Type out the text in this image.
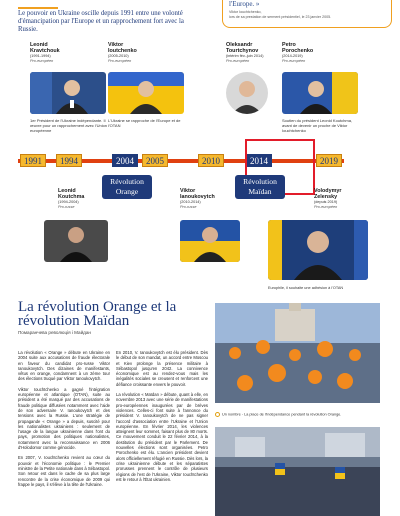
l'Europe. »
Viktor Iouchtchenko,
lors de sa prestation de serment présidentiel, le 23 janvier 2005.
Le pouvoir en Ukraine oscille depuis 1991 entre une volonté d'émancipation par l'Europe et un rapprochement fort avec la Russie.
Leonid
Kravtchouk
(1991-1994)
Pro-européen
1er Président de l'Ukraine indépendante. Il œuvre pour un rapprochement avec l'Union européenne
Viktor
Ioutchenko
(2005-2010)
Pro-européen
L'Ukraine se rapproche de l'Europe et de l'OTAN
Oleksandr
Tourtchynov
(intérim fév.-juin 2014)
Pro-européen
Petro
Porochenko
(2014-2019)
Pro-européen
Soutien du président Leonid Koutchma, avant de devenir un proche de Viktor Iouchtchenko
1991	1994	2004	2005	2010	2014	2019
Révolution
Orange
Révolution
Maïdan
Leonid
Koutchma
(1994-2004)
Pro-russe
Viktor
Ianoukovytch
(2010-2014)
Pro-russe
Volodymyr
Zelensky
(depuis 2019)
Pro-européen
Europhile, il souhaite une adhésion à l'OTAN
La révolution Orange et la révolution Maïdan
Помаранчева революція і Майдан

La révolution « Orange » débute en Ukraine en 2004 suite aux accusations de fraude électorale en faveur du candidat pro-russe Viktor Ianoukovytch. Des dizaines de manifestants, vêtus en orange, condamnent à un 2ème tour des élections truqué par Viktor Ianoukovytch.

Viktor Iouchtchenko a gagné l'intégration européenne et atlantique (OTAN), suite au président a été marqué par des accusations de fraude politique diffusées notamment avec l'aide de son adversaire V. Ianoukovytch et des tensions avec la Russie. L'une stratégie de propagande « Orange » a depuis, suscité pour les nationalistes ukrainiens : seulement de l'usage de la langue ukrainienne dans l'ont du pays, promotion des politiques nationalistes, notamment avec la reconnaissance en 2006 d'Holodomor comme génocide.

En 2007, V. Iouchtchenko revient au cœur du pouvoir et l'économie politique : le Premier ministre de la Petite nationale dans à Sébastopol. Son retour est dans le cadre de sa plus large rencontre de la crise économique de 2009 qui frappe le pays, il s'élève à la tête de l'Ukraine.

En 2010, V. Ianoukovytch est élu président. Dès le début de son mandat, un accord entre Moscou et Kiev prolonge la présence militaire à Sébastopol jusqu'en 2042. La connivence économique est au rendez-vous mais les inégalités sociales se creusent et renforcent une défiance croissante envers le pouvoir.

La révolution « Maïdan » débute, quant à elle, en novembre 2013 avec une série de manifestations pro-européennes inaugurées par de brèves violences. Celles-ci font suite à l'annonce du président V. Ianoukovytch de ne pas signer l'accord d'association entre l'Ukraine et l'Union européenne. En février 2014, les violences atteignent leur sommet, faisant plus de 80 morts. Ce mouvement conduit le 22 février 2014, à la destitution du président par le Parlement. De nouvelles élections sont organisées. Petro Porochenko est élu. L'ancien président devient alors officiellement réfugié en Russie. Dès lors, la crise ukrainienne débute et les séparatistes prorusses prennent le contrôle de plusieurs régions de l'est de l'Ukraine, Viktor Iouchtchenko est le retour à l'État ukrainien.

Un nombre - La place de l'indépendance pendant la révolution Orange.
